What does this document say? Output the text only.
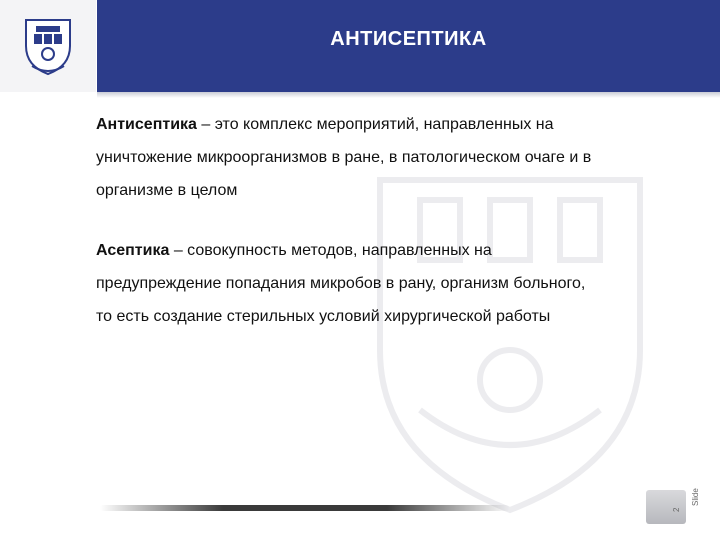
АНТИСЕПТИКА

Антисептика – это комплекс мероприятий, направленных на
уничтожение микроорганизмов в ране, в патологическом очаге и в
организме в целом

Асептика – совокупность методов, направленных на
предупреждение попадания микробов в рану, организм больного,
то есть создание стерильных условий хирургической работы

2
Slide
